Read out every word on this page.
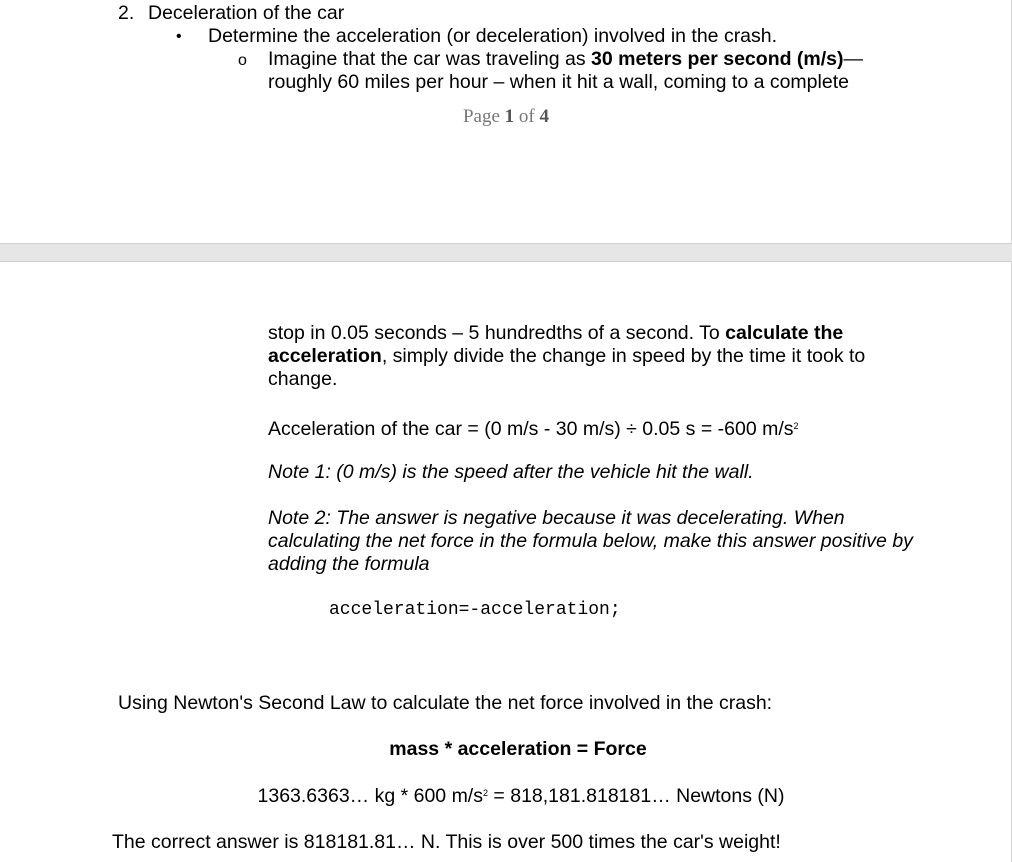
2. Deceleration of the car
• Determine the acceleration (or deceleration) involved in the crash.
o Imagine that the car was traveling as 30 meters per second (m/s)—
roughly 60 miles per hour – when it hit a wall, coming to a complete
Page 1 of 4
stop in 0.05 seconds – 5 hundredths of a second. To calculate the acceleration, simply divide the change in speed by the time it took to change.
Acceleration of the car = (0 m/s - 30 m/s) ÷ 0.05 s = -600 $m/s^2$
Note 1: (0 m/s) is the speed after the vehicle hit the wall.
Note 2: The answer is negative because it was decelerating. When calculating the net force in the formula below, make this answer positive by adding the formula
acceleration=-acceleration;
Using Newton's Second Law to calculate the net force involved in the crash:
mass * acceleration = Force
1363.6363… kg * 600 $m/s^2$ = 818,181.818181… Newtons (N)
The correct answer is 818181.81… N. This is over 500 times the car's weight!
